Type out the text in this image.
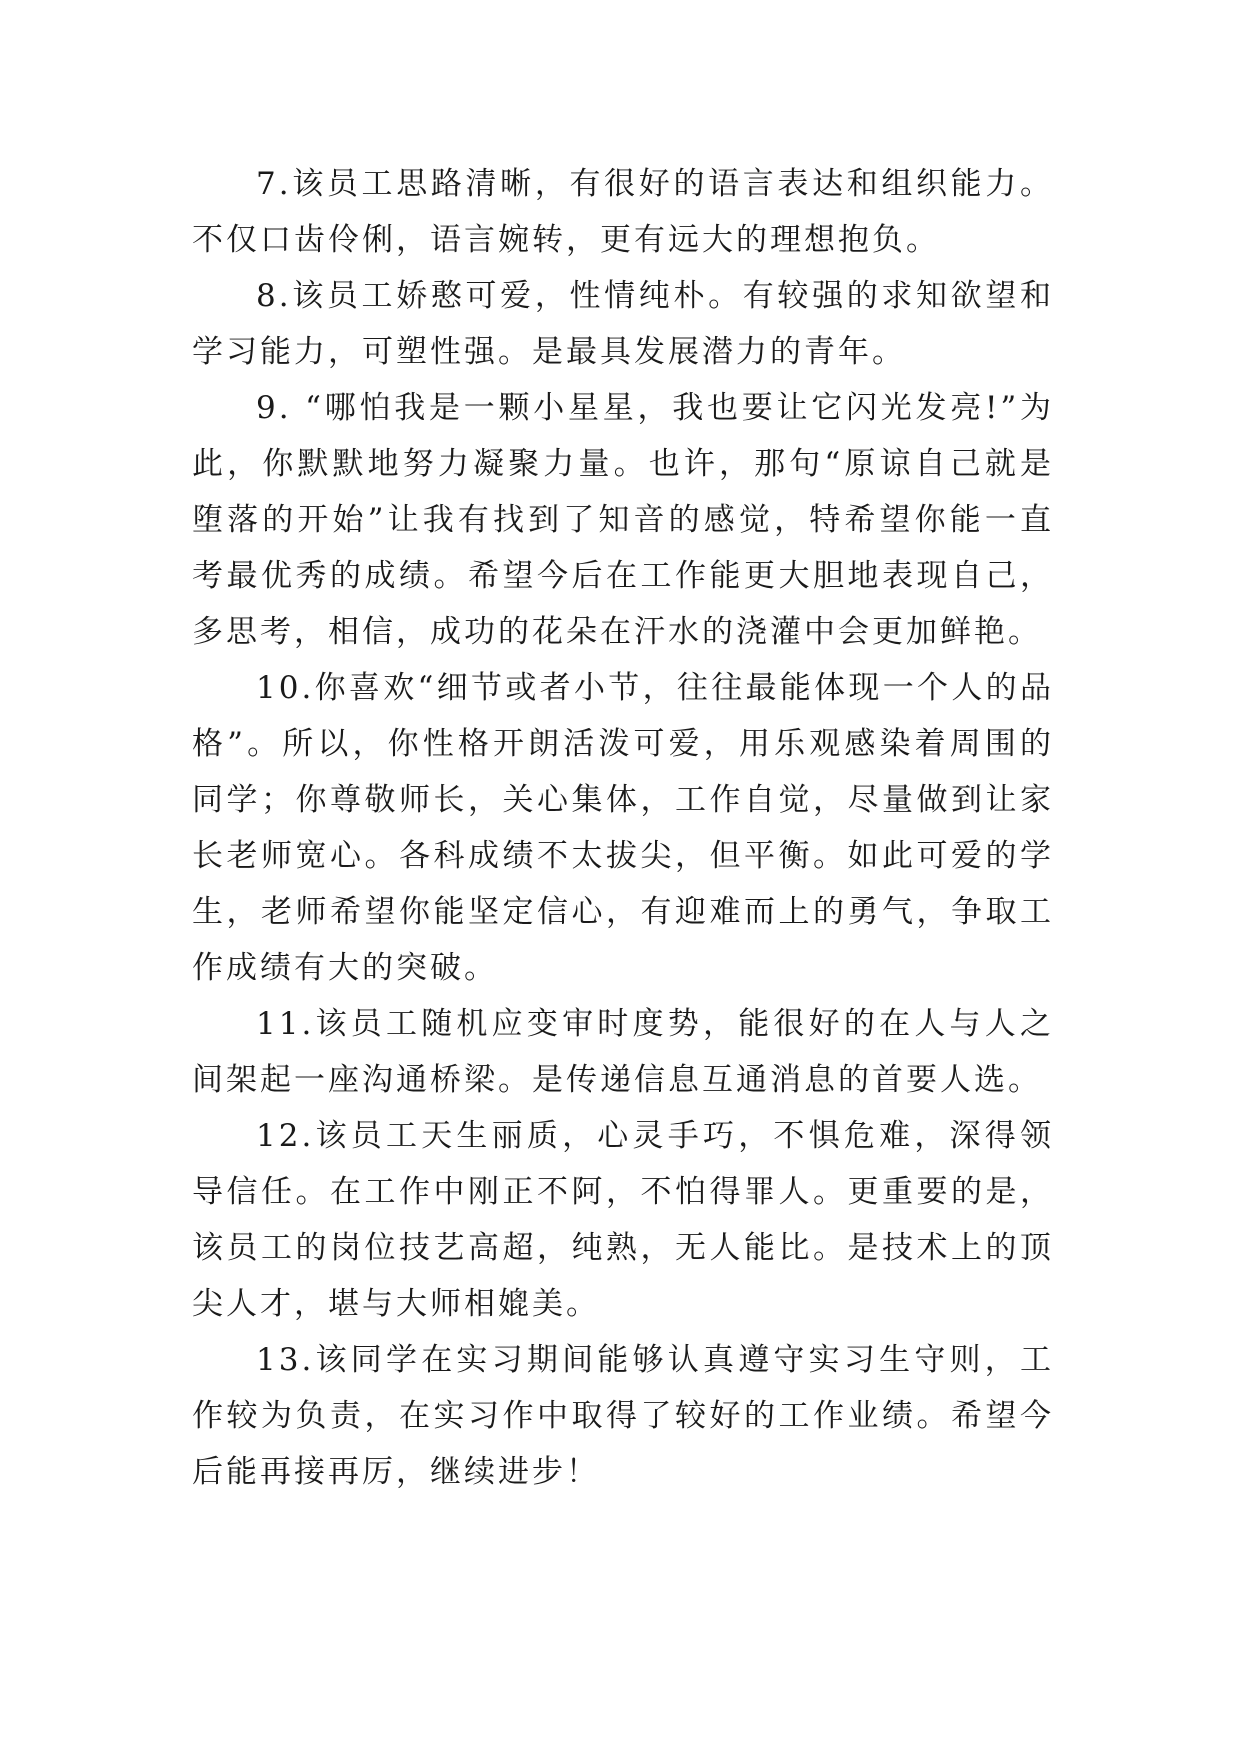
7.该员工思路清晰，有很好的语言表达和组织能力。不仅口齿伶俐，语言婉转，更有远大的理想抱负。

8.该员工娇憨可爱，性情纯朴。有较强的求知欲望和学习能力，可塑性强。是最具发展潜力的青年。

9. “哪怕我是一颗小星星，我也要让它闪光发亮!”为此，你默默地努力凝聚力量。也许，那句“原谅自己就是堕落的开始”让我有找到了知音的感觉，特希望你能一直考最优秀的成绩。希望今后在工作能更大胆地表现自己，多思考，相信，成功的花朵在汗水的浇灌中会更加鲜艳。

10.你喜欢“细节或者小节，往往最能体现一个人的品格”。所以，你性格开朗活泼可爱，用乐观感染着周围的同学；你尊敬师长，关心集体，工作自觉，尽量做到让家长老师宽心。各科成绩不太拔尖，但平衡。如此可爱的学生，老师希望你能坚定信心，有迎难而上的勇气，争取工作成绩有大的突破。

11.该员工随机应变审时度势，能很好的在人与人之间架起一座沟通桥梁。是传递信息互通消息的首要人选。

12.该员工天生丽质，心灵手巧，不惧危难，深得领导信任。在工作中刚正不阿，不怕得罪人。更重要的是，该员工的岗位技艺高超，纯熟，无人能比。是技术上的顶尖人才，堪与大师相媲美。

13.该同学在实习期间能够认真遵守实习生守则，工作较为负责，在实习作中取得了较好的工作业绩。希望今后能再接再厉，继续进步！
